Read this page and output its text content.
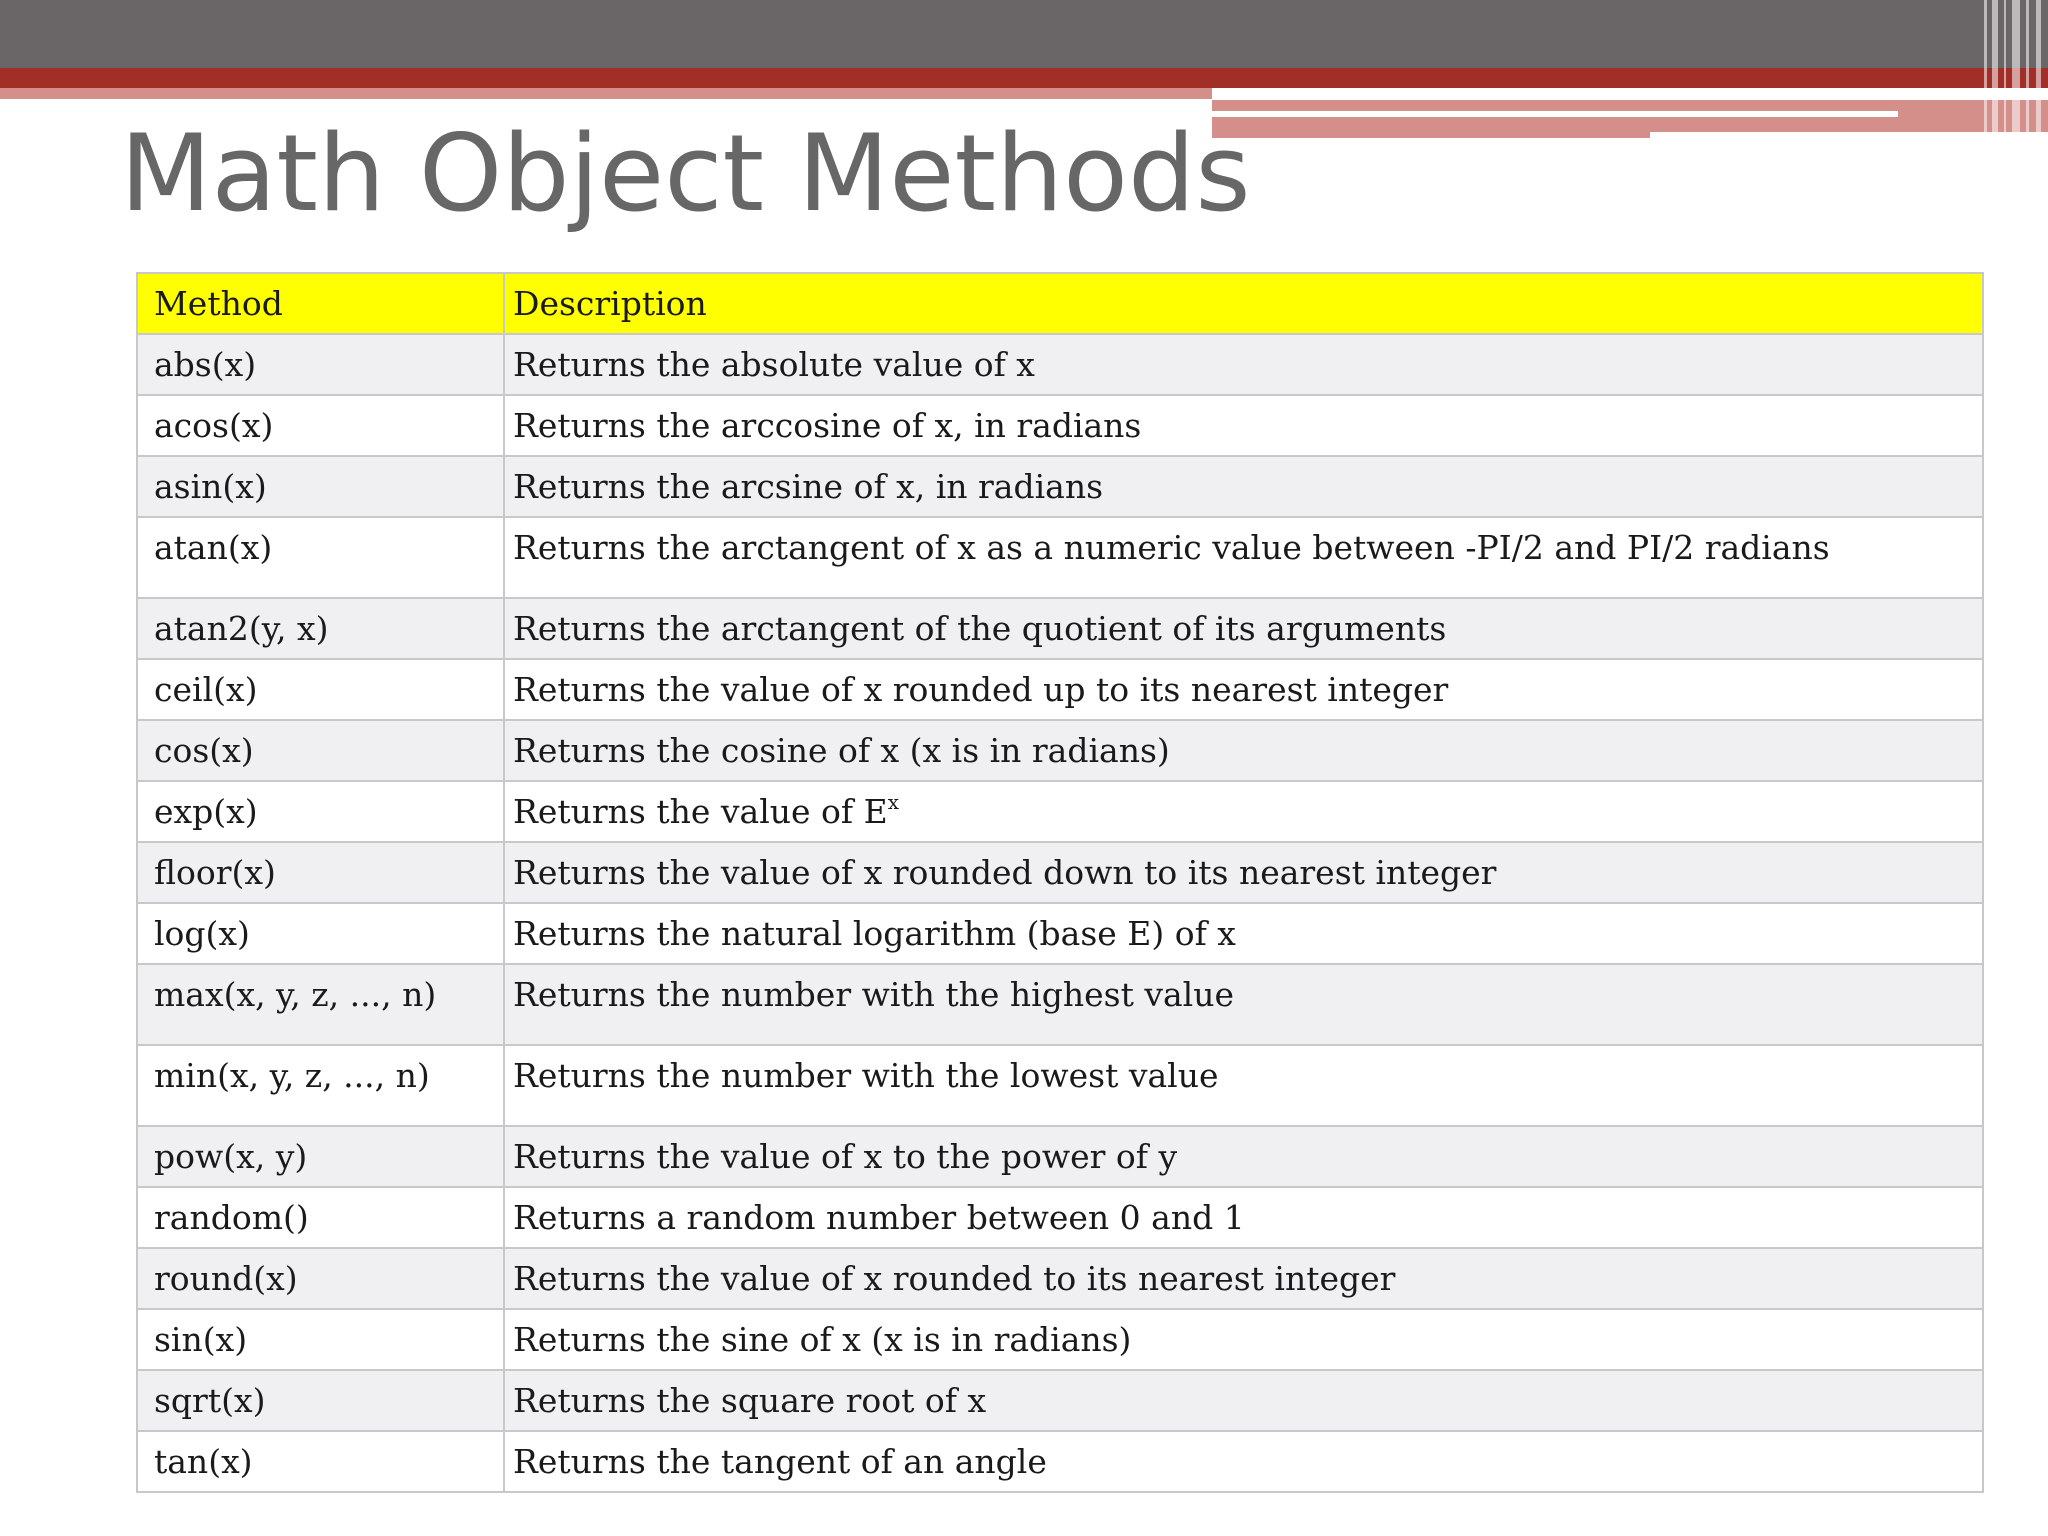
Math Object Methods
Method	Description
abs(x)	Returns the absolute value of x
acos(x)	Returns the arccosine of x, in radians
asin(x)	Returns the arcsine of x, in radians
atan(x)	Returns the arctangent of x as a numeric value between -PI/2 and PI/2 radians
atan2(y, x)	Returns the arctangent of the quotient of its arguments
ceil(x)	Returns the value of x rounded up to its nearest integer
cos(x)	Returns the cosine of x (x is in radians)
exp(x)	Returns the value of $E^x$
floor(x)	Returns the value of x rounded down to its nearest integer
log(x)	Returns the natural logarithm (base E) of x
max(x, y, z, ..., n)	Returns the number with the highest value
min(x, y, z, ..., n)	Returns the number with the lowest value
pow(x, y)	Returns the value of x to the power of y
random()	Returns a random number between 0 and 1
round(x)	Returns the value of x rounded to its nearest integer
sin(x)	Returns the sine of x (x is in radians)
sqrt(x)	Returns the square root of x
tan(x)	Returns the tangent of an angle
